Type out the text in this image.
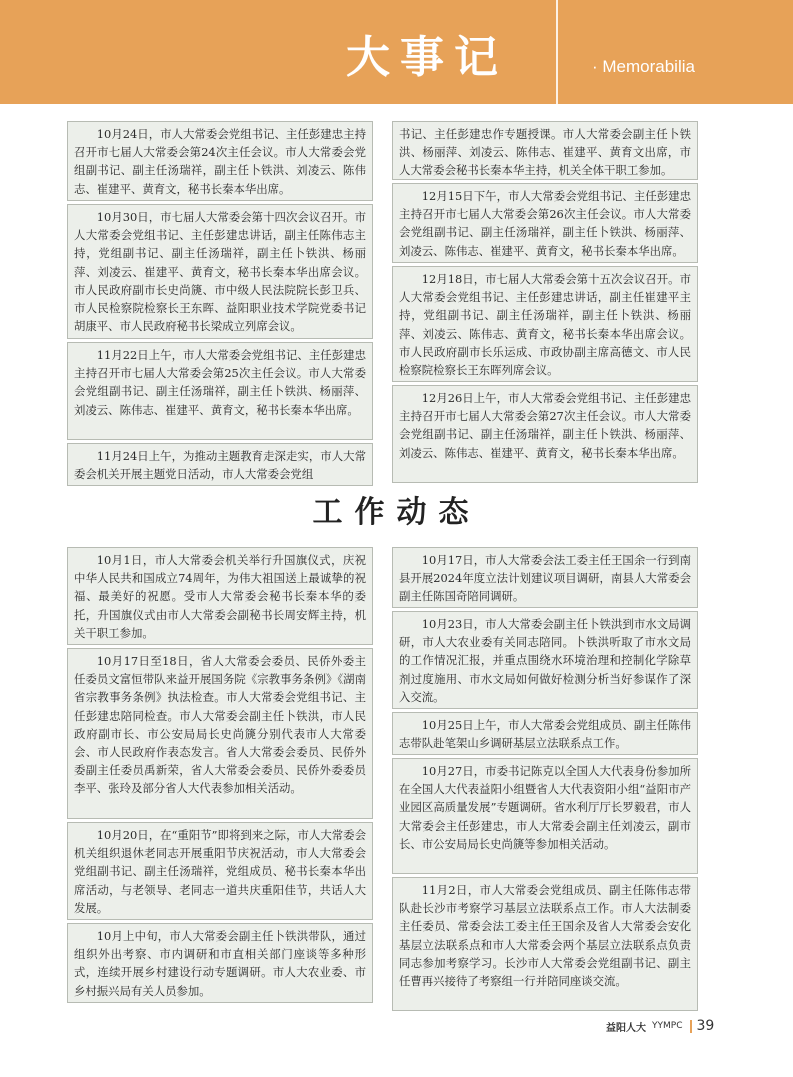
大事记	· Memorabilia
10月24日，市人大常委会党组书记、主任彭建忠主持召开市七届人大常委会第24次主任会议。市人大常委会党组副书记、副主任汤瑞祥，副主任卜铁洪、刘凌云、陈伟志、崔建平、黄育文，秘书长秦本华出席。
10月30日，市七届人大常委会第十四次会议召开。市人大常委会党组书记、主任彭建忠讲话，副主任陈伟志主持，党组副书记、副主任汤瑞祥，副主任卜铁洪、杨丽萍、刘凌云、崔建平、黄育文，秘书长秦本华出席会议。市人民政府副市长史尚篪、市中级人民法院院长彭卫兵、市人民检察院检察长王东晖、益阳职业技术学院党委书记胡康平、市人民政府秘书长梁成立列席会议。
11月22日上午，市人大常委会党组书记、主任彭建忠主持召开市七届人大常委会第25次主任会议。市人大常委会党组副书记、副主任汤瑞祥，副主任卜铁洪、杨丽萍、刘凌云、陈伟志、崔建平、黄育文，秘书长秦本华出席。
11月24日上午，为推动主题教育走深走实，市人大常委会机关开展主题党日活动，市人大常委会党组
书记、主任彭建忠作专题授课。市人大常委会副主任卜铁洪、杨丽萍、刘凌云、陈伟志、崔建平、黄育文出席，市人大常委会秘书长秦本华主持，机关全体干职工参加。
12月15日下午，市人大常委会党组书记、主任彭建忠主持召开市七届人大常委会第26次主任会议。市人大常委会党组副书记、副主任汤瑞祥，副主任卜铁洪、杨丽萍、刘凌云、陈伟志、崔建平、黄育文，秘书长秦本华出席。
12月18日，市七届人大常委会第十五次会议召开。市人大常委会党组书记、主任彭建忠讲话，副主任崔建平主持，党组副书记、副主任汤瑞祥，副主任卜铁洪、杨丽萍、刘凌云、陈伟志、黄育文，秘书长秦本华出席会议。市人民政府副市长乐运成、市政协副主席高德文、市人民检察院检察长王东晖列席会议。
12月26日上午，市人大常委会党组书记、主任彭建忠主持召开市七届人大常委会第27次主任会议。市人大常委会党组副书记、副主任汤瑞祥，副主任卜铁洪、杨丽萍、刘凌云、陈伟志、崔建平、黄育文，秘书长秦本华出席。
工作动态
10月1日，市人大常委会机关举行升国旗仪式，庆祝中华人民共和国成立74周年，为伟大祖国送上最诚挚的祝福、最美好的祝愿。受市人大常委会秘书长秦本华的委托，升国旗仪式由市人大常委会副秘书长周安辉主持，机关干职工参加。
10月17日至18日，省人大常委会委员、民侨外委主任委员文富恒带队来益开展国务院《宗教事务条例》《湖南省宗教事务条例》执法检查。市人大常委会党组书记、主任彭建忠陪同检查。市人大常委会副主任卜铁洪，市人民政府副市长、市公安局局长史尚篪分别代表市人大常委会、市人民政府作表态发言。省人大常委会委员、民侨外委副主任委员禹新荣，省人大常委会委员、民侨外委委员李平、张玲及部分省人大代表参加相关活动。
10月20日，在“重阳节”即将到来之际，市人大常委会机关组织退休老同志开展重阳节庆祝活动，市人大常委会党组副书记、副主任汤瑞祥，党组成员、秘书长秦本华出席活动，与老领导、老同志一道共庆重阳佳节，共话人大发展。
10月上中旬，市人大常委会副主任卜铁洪带队，通过组织外出考察、市内调研和市直相关部门座谈等多种形式，连续开展乡村建设行动专题调研。市人大农业委、市乡村振兴局有关人员参加。
10月17日，市人大常委会法工委主任王国余一行到南县开展2024年度立法计划建议项目调研，南县人大常委会副主任陈国奇陪同调研。
10月23日，市人大常委会副主任卜铁洪到市水文局调研，市人大农业委有关同志陪同。卜铁洪听取了市水文局的工作情况汇报，并重点围绕水环境治理和控制化学除草剂过度施用、市水文局如何做好检测分析当好参谋作了深入交流。
10月25日上午，市人大常委会党组成员、副主任陈伟志带队赴笔架山乡调研基层立法联系点工作。
10月27日，市委书记陈克以全国人大代表身份参加所在全国人大代表益阳小组暨省人大代表资阳小组“益阳市产业园区高质量发展”专题调研。省水利厅厅长罗毅君，市人大常委会主任彭建忠，市人大常委会副主任刘凌云，副市长、市公安局局长史尚篪等参加相关活动。
11月2日，市人大常委会党组成员、副主任陈伟志带队赴长沙市考察学习基层立法联系点工作。市人大法制委主任委员、常委会法工委主任王国余及省人大常委会安化基层立法联系点和市人大常委会两个基层立法联系点负责同志参加考察学习。长沙市人大常委会党组副书记、副主任曹再兴接待了考察组一行并陪同座谈交流。
益阳人大 YYMPC 39
